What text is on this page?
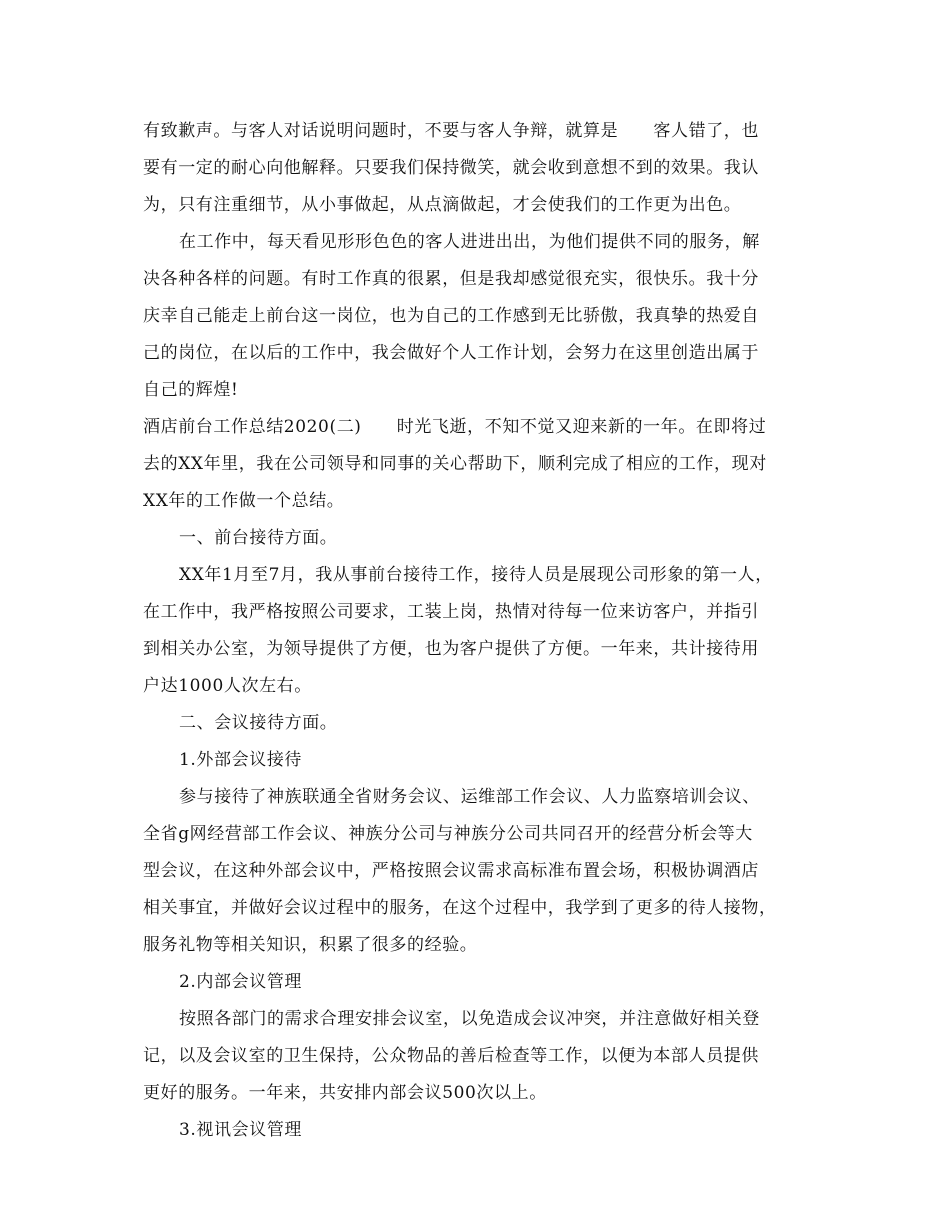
有致歉声。与客人对话说明问题时，不要与客人争辩，就算是　　客人错了，也
要有一定的耐心向他解释。只要我们保持微笑，就会收到意想不到的效果。我认
为，只有注重细节，从小事做起，从点滴做起，才会使我们的工作更为出色。
在工作中，每天看见形形色色的客人进进出出，为他们提供不同的服务，解
决各种各样的问题。有时工作真的很累，但是我却感觉很充实，很快乐。我十分
庆幸自己能走上前台这一岗位，也为自己的工作感到无比骄傲，我真挚的热爱自
己的岗位，在以后的工作中，我会做好个人工作计划，会努力在这里创造出属于
自己的辉煌!
酒店前台工作总结2020(二)　　时光飞逝，不知不觉又迎来新的一年。在即将过
去的XX年里，我在公司领导和同事的关心帮助下，顺利完成了相应的工作，现对
XX年的工作做一个总结。
一、前台接待方面。
XX年1月至7月，我从事前台接待工作，接待人员是展现公司形象的第一人，
在工作中，我严格按照公司要求，工装上岗，热情对待每一位来访客户，并指引
到相关办公室，为领导提供了方便，也为客户提供了方便。一年来，共计接待用
户达1000人次左右。
二、会议接待方面。
1.外部会议接待
参与接待了神族联通全省财务会议、运维部工作会议、人力监察培训会议、
全省g网经营部工作会议、神族分公司与神族分公司共同召开的经营分析会等大
型会议，在这种外部会议中，严格按照会议需求高标准布置会场，积极协调酒店
相关事宜，并做好会议过程中的服务，在这个过程中，我学到了更多的待人接物，
服务礼物等相关知识，积累了很多的经验。
2.内部会议管理
按照各部门的需求合理安排会议室，以免造成会议冲突，并注意做好相关登
记，以及会议室的卫生保持，公众物品的善后检查等工作，以便为本部人员提供
更好的服务。一年来，共安排内部会议500次以上。
3.视讯会议管理
